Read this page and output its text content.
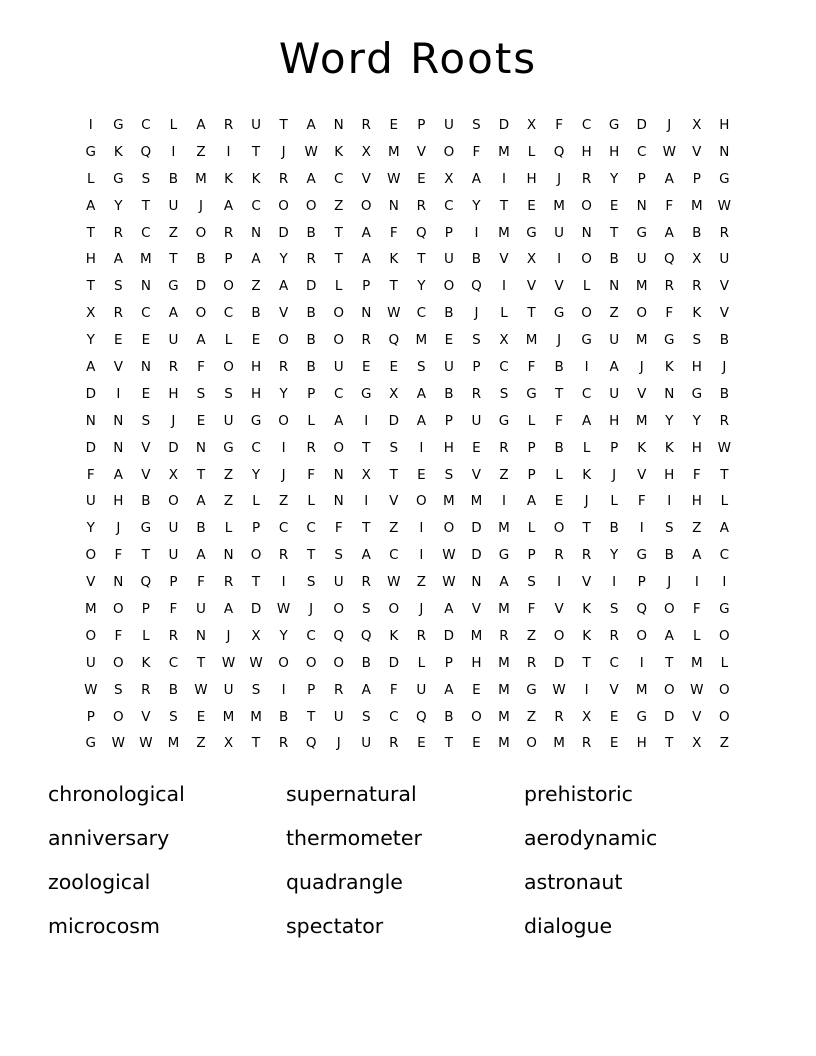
Word Roots
I	G	C	L	A	R	U	T	A	N	R	E	P	U	S	D	X	F	C	G	D	J	X	H
G	K	Q	I	Z	I	T	J	W	K	X	M	V	O	F	M	L	Q	H	H	C	W	V	N
L	G	S	B	M	K	K	R	A	C	V	W	E	X	A	I	H	J	R	Y	P	A	P	G
A	Y	T	U	J	A	C	O	O	Z	O	N	R	C	Y	T	E	M	O	E	N	F	M	W
T	R	C	Z	O	R	N	D	B	T	A	F	Q	P	I	M	G	U	N	T	G	A	B	R
H	A	M	T	B	P	A	Y	R	T	A	K	T	U	B	V	X	I	O	B	U	Q	X	U
T	S	N	G	D	O	Z	A	D	L	P	T	Y	O	Q	I	V	V	L	N	M	R	R	V
X	R	C	A	O	C	B	V	B	O	N	W	C	B	J	L	T	G	O	Z	O	F	K	V
Y	E	E	U	A	L	E	O	B	O	R	Q	M	E	S	X	M	J	G	U	M	G	S	B
A	V	N	R	F	O	H	R	B	U	E	E	S	U	P	C	F	B	I	A	J	K	H	J
D	I	E	H	S	S	H	Y	P	C	G	X	A	B	R	S	G	T	C	U	V	N	G	B
N	N	S	J	E	U	G	O	L	A	I	D	A	P	U	G	L	F	A	H	M	Y	Y	R
D	N	V	D	N	G	C	I	R	O	T	S	I	H	E	R	P	B	L	P	K	K	H	W
F	A	V	X	T	Z	Y	J	F	N	X	T	E	S	V	Z	P	L	K	J	V	H	F	T
U	H	B	O	A	Z	L	Z	L	N	I	V	O	M	M	I	A	E	J	L	F	I	H	L
Y	J	G	U	B	L	P	C	C	F	T	Z	I	O	D	M	L	O	T	B	I	S	Z	A
O	F	T	U	A	N	O	R	T	S	A	C	I	W	D	G	P	R	R	Y	G	B	A	C
V	N	Q	P	F	R	T	I	S	U	R	W	Z	W	N	A	S	I	V	I	P	J	I	I
M	O	P	F	U	A	D	W	J	O	S	O	J	A	V	M	F	V	K	S	Q	O	F	G
O	F	L	R	N	J	X	Y	C	Q	Q	K	R	D	M	R	Z	O	K	R	O	A	L	O
U	O	K	C	T	W	W	O	O	O	B	D	L	P	H	M	R	D	T	C	I	T	M	L
W	S	R	B	W	U	S	I	P	R	A	F	U	A	E	M	G	W	I	V	M	O	W	O
P	O	V	S	E	M	M	B	T	U	S	C	Q	B	O	M	Z	R	X	E	G	D	V	O
G	W	W	M	Z	X	T	R	Q	J	U	R	E	T	E	M	O	M	R	E	H	T	X	Z
chronological
anniversary
zoological
microcosm
supernatural
thermometer
quadrangle
spectator
prehistoric
aerodynamic
astronaut
dialogue
